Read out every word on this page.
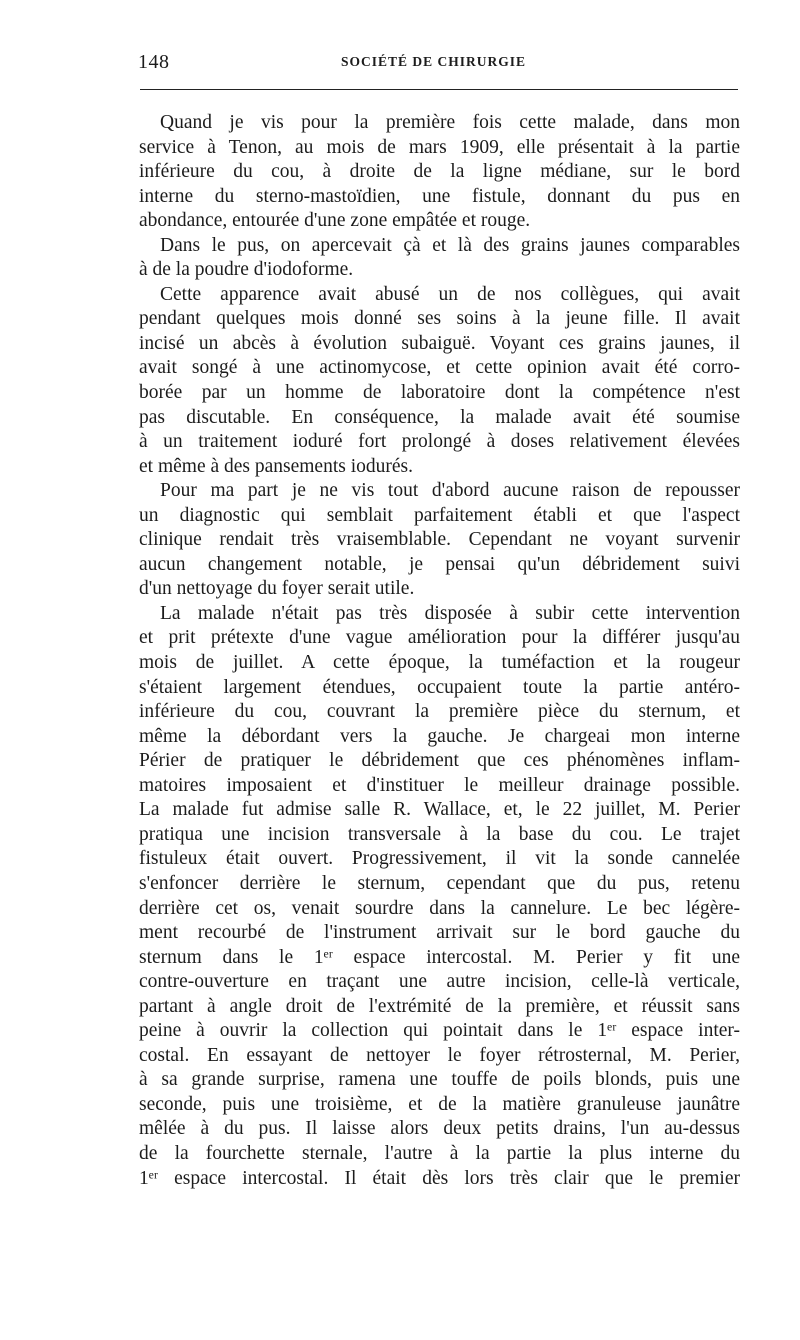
148	SOCIÉTÉ DE CHIRURGIE
Quand je vis pour la première fois cette malade, dans mon
service à Tenon, au mois de mars 1909, elle présentait à la partie
inférieure du cou, à droite de la ligne médiane, sur le bord
interne du sterno-mastoïdien, une fistule, donnant du pus en
abondance, entourée d'une zone empâtée et rouge.
Dans le pus, on apercevait çà et là des grains jaunes comparables
à de la poudre d'iodoforme.
Cette apparence avait abusé un de nos collègues, qui avait
pendant quelques mois donné ses soins à la jeune fille. Il avait
incisé un abcès à évolution subaiguë. Voyant ces grains jaunes, il
avait songé à une actinomycose, et cette opinion avait été corro-
borée par un homme de laboratoire dont la compétence n'est
pas discutable. En conséquence, la malade avait été soumise
à un traitement ioduré fort prolongé à doses relativement élevées
et même à des pansements iodurés.
Pour ma part je ne vis tout d'abord aucune raison de repousser
un diagnostic qui semblait parfaitement établi et que l'aspect
clinique rendait très vraisemblable. Cependant ne voyant survenir
aucun changement notable, je pensai qu'un débridement suivi
d'un nettoyage du foyer serait utile.
La malade n'était pas très disposée à subir cette intervention
et prit prétexte d'une vague amélioration pour la différer jusqu'au
mois de juillet. A cette époque, la tuméfaction et la rougeur
s'étaient largement étendues, occupaient toute la partie antéro-
inférieure du cou, couvrant la première pièce du sternum, et
même la débordant vers la gauche. Je chargeai mon interne
Périer de pratiquer le débridement que ces phénomènes inflam-
matoires imposaient et d'instituer le meilleur drainage possible.
La malade fut admise salle R. Wallace, et, le 22 juillet, M. Perier
pratiqua une incision transversale à la base du cou. Le trajet
fistuleux était ouvert. Progressivement, il vit la sonde cannelée
s'enfoncer derrière le sternum, cependant que du pus, retenu
derrière cet os, venait sourdre dans la cannelure. Le bec légère-
ment recourbé de l'instrument arrivait sur le bord gauche du
sternum dans le 1ᵉʳ espace intercostal. M. Perier y fit une
contre-ouverture en traçant une autre incision, celle-là verticale,
partant à angle droit de l'extrémité de la première, et réussit sans
peine à ouvrir la collection qui pointait dans le 1ᵉʳ espace inter-
costal. En essayant de nettoyer le foyer rétrosternal, M. Perier,
à sa grande surprise, ramena une touffe de poils blonds, puis une
seconde, puis une troisième, et de la matière granuleuse jaunâtre
mêlée à du pus. Il laisse alors deux petits drains, l'un au-dessus
de la fourchette sternale, l'autre à la partie la plus interne du
1ᵉʳ espace intercostal. Il était dès lors très clair que le premier
